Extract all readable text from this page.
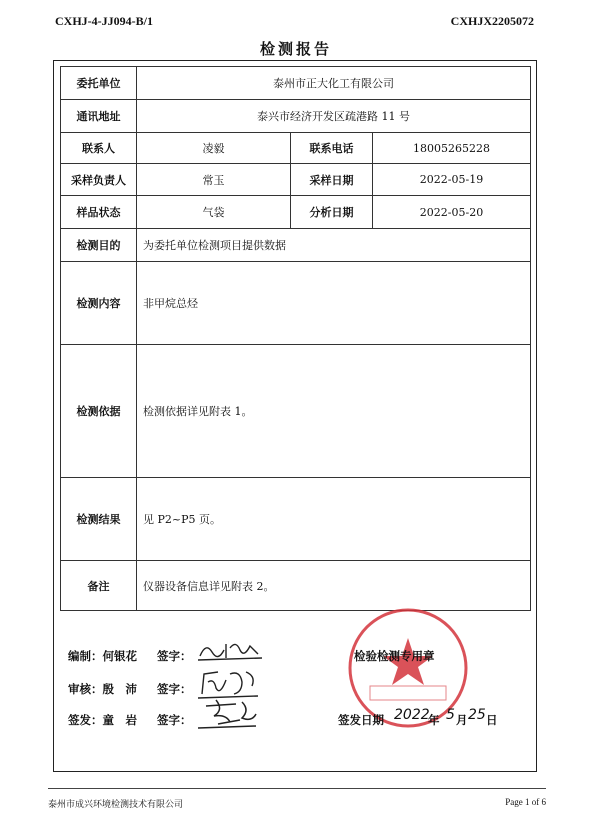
CXHJ-4-JJ094-B/1	CXHJX2205072
检测报告
委托单位	泰州市正大化工有限公司		
通讯地址	泰兴市经济开发区疏港路 11 号		
联系人	凌毅	联系电话	18005265228
采样负责人	常玉	采样日期	2022-05-19
样品状态	气袋	分析日期	2022-05-20
检测目的	为委托单位检测项目提供数据		
检测内容	非甲烷总烃		
检测依据	检测依据详见附表 1。		
检测结果	见 P2~P5 页。		
备注	仪器设备信息详见附表 2。		
编制：何银花 签字：
审核：殷　沛 签字：
签发：童　岩 签字：
检验检测专用章
签发日期 2022
年 5 月 25 日
泰州市成兴环境检测技术有限公司	Page 1 of 6
